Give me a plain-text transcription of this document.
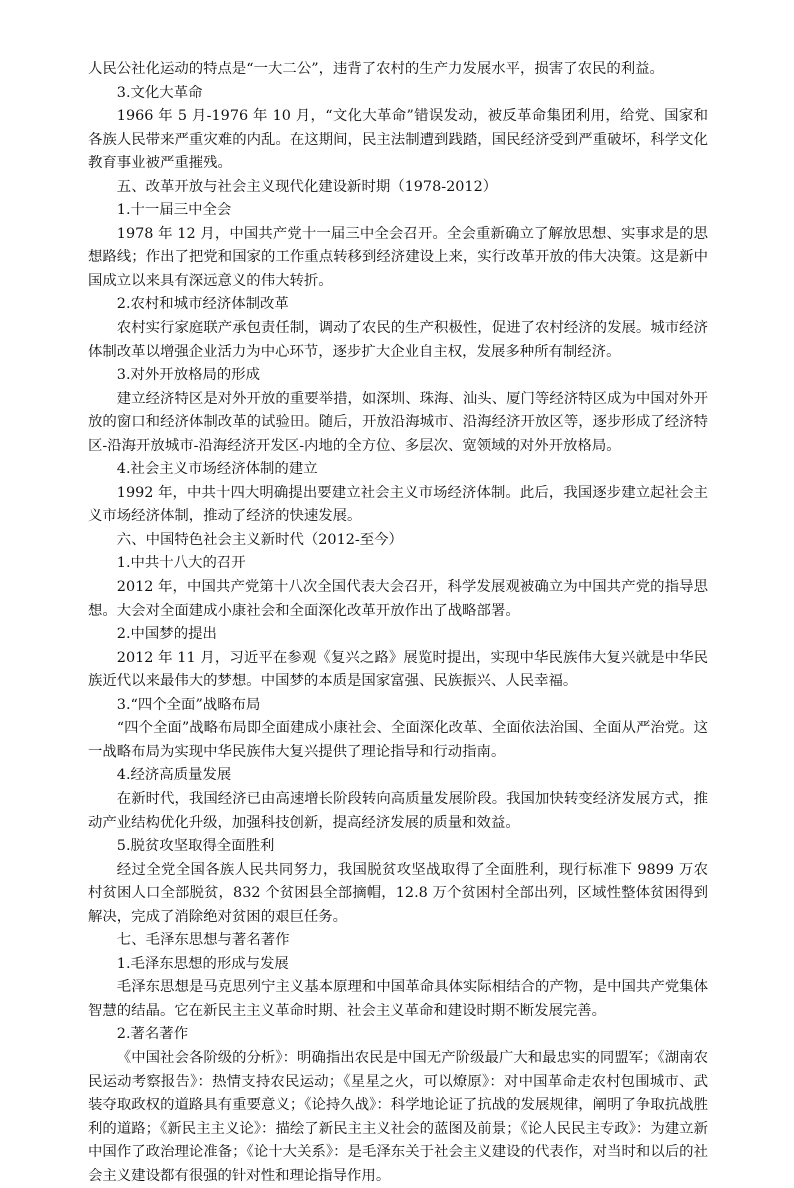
人民公社化运动的特点是“一大二公”，违背了农村的生产力发展水平，损害了农民的利益。

3.文化大革命

1966 年 5 月-1976 年 10 月，“文化大革命”错误发动，被反革命集团利用，给党、国家和各族人民带来严重灾难的内乱。在这期间，民主法制遭到践踏，国民经济受到严重破坏，科学文化教育事业被严重摧残。

五、改革开放与社会主义现代化建设新时期（1978-2012）

1.十一届三中全会

1978 年 12 月，中国共产党十一届三中全会召开。全会重新确立了解放思想、实事求是的思想路线；作出了把党和国家的工作重点转移到经济建设上来，实行改革开放的伟大决策。这是新中国成立以来具有深远意义的伟大转折。

2.农村和城市经济体制改革

农村实行家庭联产承包责任制，调动了农民的生产积极性，促进了农村经济的发展。城市经济体制改革以增强企业活力为中心环节，逐步扩大企业自主权，发展多种所有制经济。

3.对外开放格局的形成

建立经济特区是对外开放的重要举措，如深圳、珠海、汕头、厦门等经济特区成为中国对外开放的窗口和经济体制改革的试验田。随后，开放沿海城市、沿海经济开放区等，逐步形成了经济特区-沿海开放城市-沿海经济开发区-内地的全方位、多层次、宽领域的对外开放格局。

4.社会主义市场经济体制的建立

1992 年，中共十四大明确提出要建立社会主义市场经济体制。此后，我国逐步建立起社会主义市场经济体制，推动了经济的快速发展。

六、中国特色社会主义新时代（2012-至今）

1.中共十八大的召开

2012 年，中国共产党第十八次全国代表大会召开，科学发展观被确立为中国共产党的指导思想。大会对全面建成小康社会和全面深化改革开放作出了战略部署。

2.中国梦的提出

2012 年 11 月，习近平在参观《复兴之路》展览时提出，实现中华民族伟大复兴就是中华民族近代以来最伟大的梦想。中国梦的本质是国家富强、民族振兴、人民幸福。

3.“四个全面”战略布局

“四个全面”战略布局即全面建成小康社会、全面深化改革、全面依法治国、全面从严治党。这一战略布局为实现中华民族伟大复兴提供了理论指导和行动指南。

4.经济高质量发展

在新时代，我国经济已由高速增长阶段转向高质量发展阶段。我国加快转变经济发展方式，推动产业结构优化升级，加强科技创新，提高经济发展的质量和效益。

5.脱贫攻坚取得全面胜利

经过全党全国各族人民共同努力，我国脱贫攻坚战取得了全面胜利，现行标准下 9899 万农村贫困人口全部脱贫，832 个贫困县全部摘帽，12.8 万个贫困村全部出列，区域性整体贫困得到解决，完成了消除绝对贫困的艰巨任务。

七、毛泽东思想与著名著作

1.毛泽东思想的形成与发展

毛泽东思想是马克思列宁主义基本原理和中国革命具体实际相结合的产物，是中国共产党集体智慧的结晶。它在新民主主义革命时期、社会主义革命和建设时期不断发展完善。

2.著名著作

《中国社会各阶级的分析》：明确指出农民是中国无产阶级最广大和最忠实的同盟军；《湖南农民运动考察报告》：热情支持农民运动；《星星之火，可以燎原》：对中国革命走农村包围城市、武装夺取政权的道路具有重要意义；《论持久战》：科学地论证了抗战的发展规律，阐明了争取抗战胜利的道路；《新民主主义论》：描绘了新民主主义社会的蓝图及前景；《论人民民主专政》：为建立新中国作了政治理论准备；《论十大关系》：是毛泽东关于社会主义建设的代表作，对当时和以后的社会主义建设都有很强的针对性和理论指导作用。
